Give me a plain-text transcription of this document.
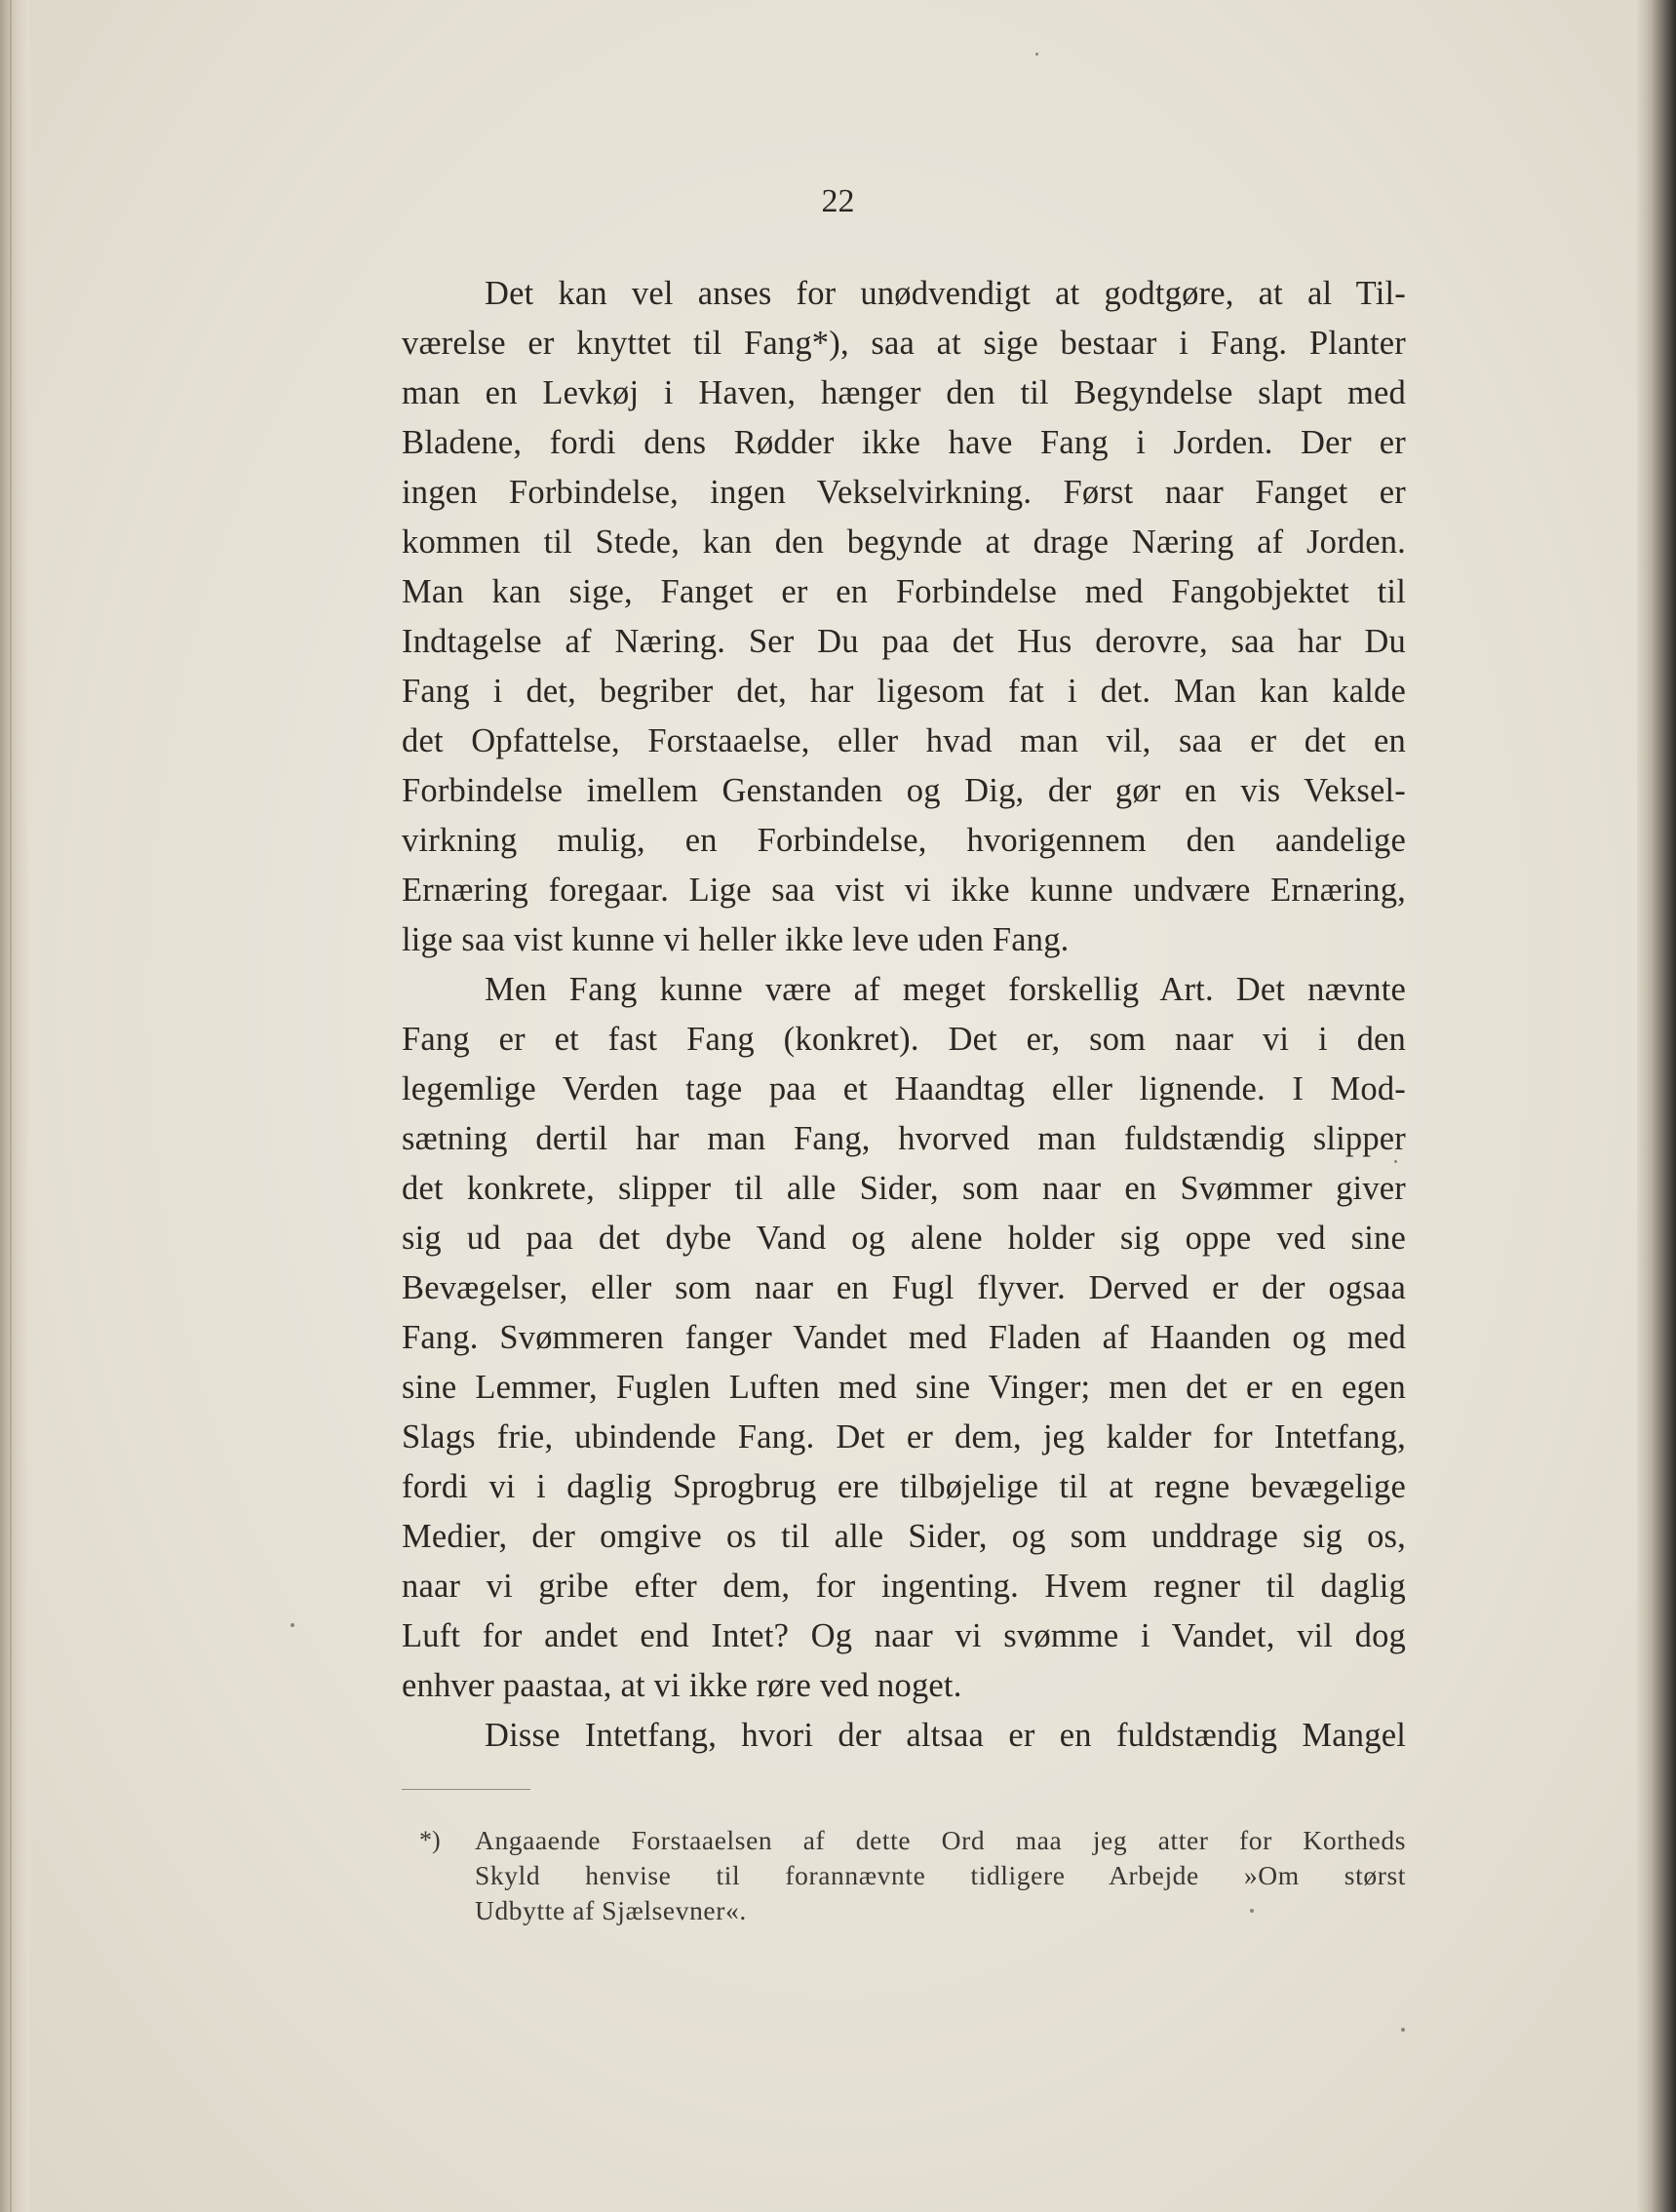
22
Det kan vel anses for unødvendigt at godtgøre, at al Til-
værelse er knyttet til Fang*), saa at sige bestaar i Fang. Planter
man en Levkøj i Haven, hænger den til Begyndelse slapt med
Bladene, fordi dens Rødder ikke have Fang i Jorden. Der er
ingen Forbindelse, ingen Vekselvirkning. Først naar Fanget er
kommen til Stede, kan den begynde at drage Næring af Jorden.
Man kan sige, Fanget er en Forbindelse med Fangobjektet til
Indtagelse af Næring. Ser Du paa det Hus derovre, saa har Du
Fang i det, begriber det, har ligesom fat i det. Man kan kalde
det Opfattelse, Forstaaelse, eller hvad man vil, saa er det en
Forbindelse imellem Genstanden og Dig, der gør en vis Veksel-
virkning mulig, en Forbindelse, hvorigennem den aandelige
Ernæring foregaar. Lige saa vist vi ikke kunne undvære Ernæring,
lige saa vist kunne vi heller ikke leve uden Fang.
Men Fang kunne være af meget forskellig Art. Det nævnte
Fang er et fast Fang (konkret). Det er, som naar vi i den
legemlige Verden tage paa et Haandtag eller lignende. I Mod-
sætning dertil har man Fang, hvorved man fuldstændig slipper
det konkrete, slipper til alle Sider, som naar en Svømmer giver
sig ud paa det dybe Vand og alene holder sig oppe ved sine
Bevægelser, eller som naar en Fugl flyver. Derved er der ogsaa
Fang. Svømmeren fanger Vandet med Fladen af Haanden og med
sine Lemmer, Fuglen Luften med sine Vinger; men det er en egen
Slags frie, ubindende Fang. Det er dem, jeg kalder for Intetfang,
fordi vi i daglig Sprogbrug ere tilbøjelige til at regne bevægelige
Medier, der omgive os til alle Sider, og som unddrage sig os,
naar vi gribe efter dem, for ingenting. Hvem regner til daglig
Luft for andet end Intet? Og naar vi svømme i Vandet, vil dog
enhver paastaa, at vi ikke røre ved noget.
Disse Intetfang, hvori der altsaa er en fuldstændig Mangel
*) Angaaende Forstaaelsen af dette Ord maa jeg atter for Kortheds
Skyld henvise til forannævnte tidligere Arbejde »Om størst
Udbytte af Sjælsevner«.
